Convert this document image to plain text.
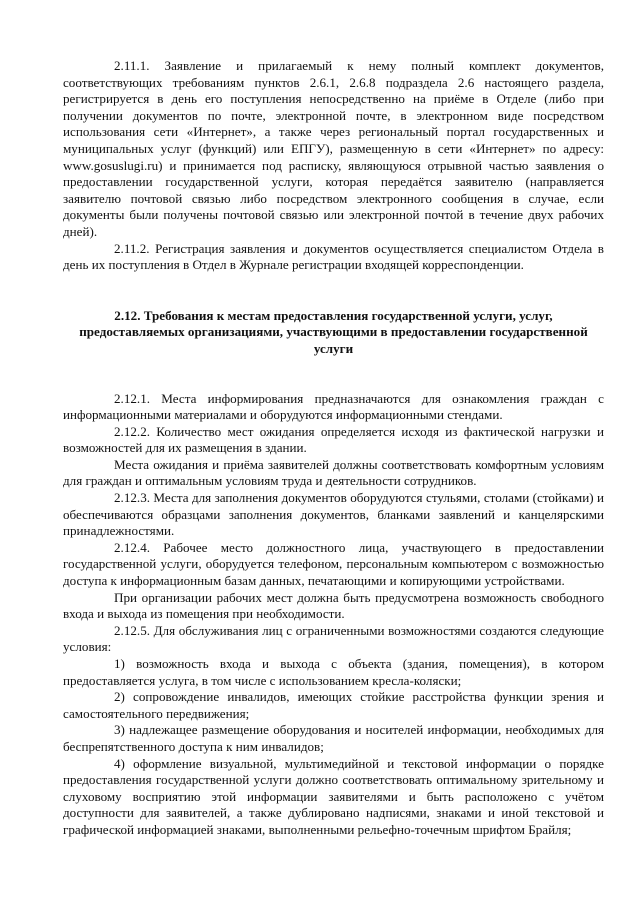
2.11.1. Заявление и прилагаемый к нему полный комплект документов, соответствующих требованиям пунктов 2.6.1, 2.6.8 подраздела 2.6 настоящего раздела, регистрируется в день его поступления непосредственно на приёме в Отделе (либо при получении документов по почте, электронной почте, в электронном виде посредством использования сети «Интернет», а также через региональный портал государственных и муниципальных услуг (функций) или ЕПГУ), размещенную в сети «Интернет» по адресу: www.gosuslugi.ru) и принимается под расписку, являющуюся отрывной частью заявления о предоставлении государственной услуги, которая передаётся заявителю (направляется заявителю почтовой связью либо посредством электронного сообщения в случае, если документы были получены почтовой связью или электронной почтой в течение двух рабочих дней).

2.11.2. Регистрация заявления и документов осуществляется специалистом Отдела в день их поступления в Отдел в Журнале регистрации входящей корреспонденции.

2.12. Требования к местам предоставления государственной услуги, услуг, предоставляемых организациями, участвующими в предоставлении государственной услуги

2.12.1. Места информирования предназначаются для ознакомления граждан с информационными материалами и оборудуются информационными стендами.

2.12.2. Количество мест ожидания определяется исходя из фактической нагрузки и возможностей для их размещения в здании.

Места ожидания и приёма заявителей должны соответствовать комфортным условиям для граждан и оптимальным условиям труда и деятельности сотрудников.

2.12.3. Места для заполнения документов оборудуются стульями, столами (стойками) и обеспечиваются образцами заполнения документов, бланками заявлений и канцелярскими принадлежностями.

2.12.4. Рабочее место должностного лица, участвующего в предоставлении государственной услуги, оборудуется телефоном, персональным компьютером с возможностью доступа к информационным базам данных, печатающими и копирующими устройствами.

При организации рабочих мест должна быть предусмотрена возможность свободного входа и выхода из помещения при необходимости.

2.12.5. Для обслуживания лиц с ограниченными возможностями создаются следующие условия:

1) возможность входа и выхода с объекта (здания, помещения), в котором предоставляется услуга, в том числе с использованием кресла-коляски;

2) сопровождение инвалидов, имеющих стойкие расстройства функции зрения и самостоятельного передвижения;

3) надлежащее размещение оборудования и носителей информации, необходимых для беспрепятственного доступа к ним инвалидов;

4) оформление визуальной, мультимедийной и текстовой информации о порядке предоставления государственной услуги должно соответствовать оптимальному зрительному и слуховому восприятию этой информации заявителями и быть расположено с учётом доступности для заявителей, а также дублировано надписями, знаками и иной текстовой и графической информацией знаками, выполненными рельефно-точечным шрифтом Брайля;
